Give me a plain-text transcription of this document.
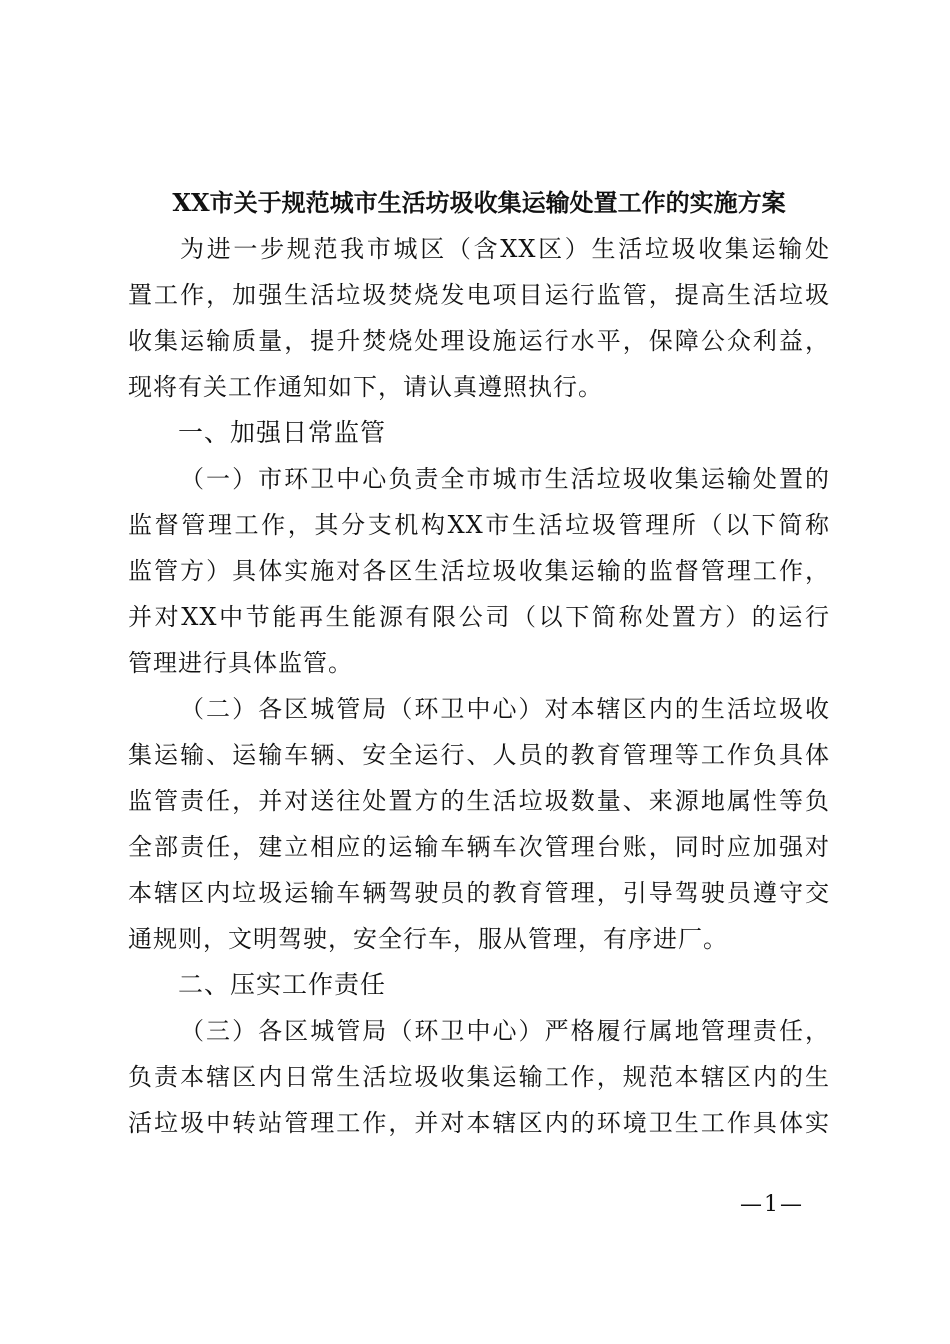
XX市关于规范城市生活坊圾收集运输处置工作的实施方案
为进一步规范我市城区（含XX区）生活垃圾收集运输处
置工作，加强生活垃圾焚烧发电项目运行监管，提高生活垃圾
收集运输质量，提升焚烧处理设施运行水平，保障公众利益，
现将有关工作通知如下，请认真遵照执行。
一、加强日常监管
（一）市环卫中心负责全市城市生活垃圾收集运输处置的
监督管理工作，其分支机构XX市生活垃圾管理所（以下简称
监管方）具体实施对各区生活垃圾收集运输的监督管理工作，
并对XX中节能再生能源有限公司（以下简称处置方）的运行
管理进行具体监管。
（二）各区城管局（环卫中心）对本辖区内的生活垃圾收
集运输、运输车辆、安全运行、人员的教育管理等工作负具体
监管责任，并对送往处置方的生活垃圾数量、来源地属性等负
全部责任，建立相应的运输车辆车次管理台账，同时应加强对
本辖区内垃圾运输车辆驾驶员的教育管理，引导驾驶员遵守交
通规则，文明驾驶，安全行车，服从管理，有序进厂。
二、压实工作责任
（三）各区城管局（环卫中心）严格履行属地管理责任，
负责本辖区内日常生活垃圾收集运输工作，规范本辖区内的生
活垃圾中转站管理工作，并对本辖区内的环境卫生工作具体实
—1—
